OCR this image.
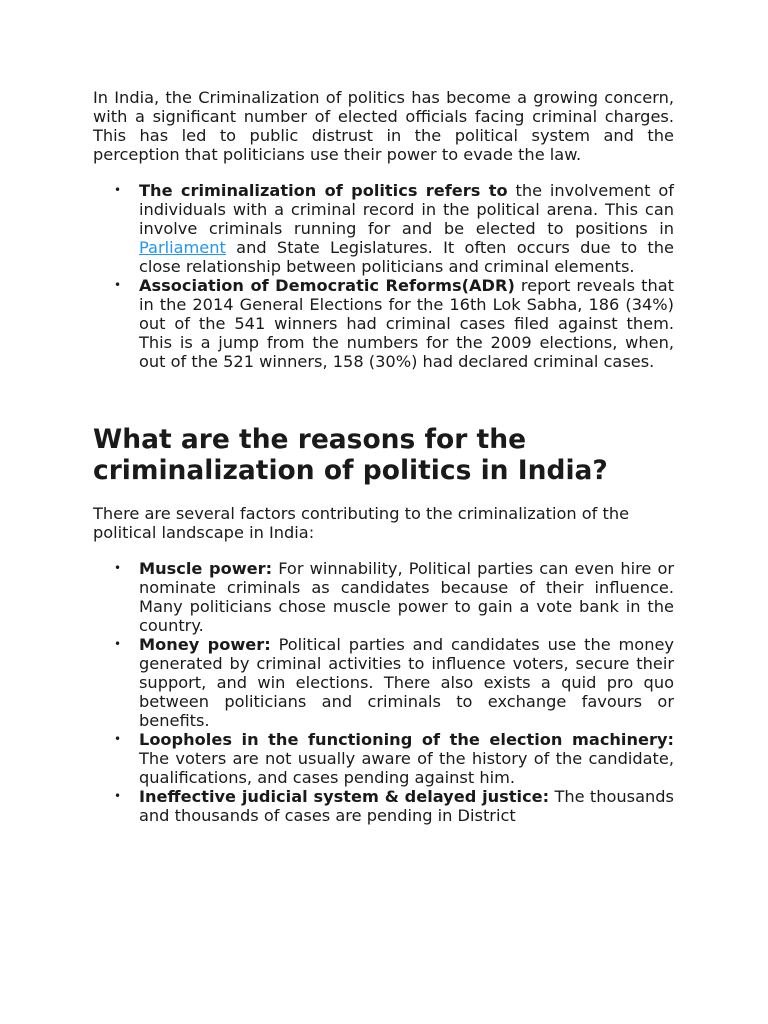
In India, the Criminalization of politics has become a growing concern, with a significant number of elected officials facing criminal charges. This has led to public distrust in the political system and the perception that politicians use their power to evade the law.

• The criminalization of politics refers to the involvement of individuals with a criminal record in the political arena. This can involve criminals running for and be elected to positions in Parliament and State Legislatures. It often occurs due to the close relationship between politicians and criminal elements.
• Association of Democratic Reforms(ADR) report reveals that in the 2014 General Elections for the 16th Lok Sabha, 186 (34%) out of the 541 winners had criminal cases filed against them. This is a jump from the numbers for the 2009 elections, when, out of the 521 winners, 158 (30%) had declared criminal cases.
What are the reasons for the criminalization of politics in India?

There are several factors contributing to the criminalization of the political landscape in India:

• Muscle power: For winnability, Political parties can even hire or nominate criminals as candidates because of their influence. Many politicians chose muscle power to gain a vote bank in the country.
• Money power: Political parties and candidates use the money generated by criminal activities to influence voters, secure their support, and win elections. There also exists a quid pro quo between politicians and criminals to exchange favours or benefits.
• Loopholes in the functioning of the election machinery: The voters are not usually aware of the history of the candidate, qualifications, and cases pending against him.
• Ineffective judicial system & delayed justice: The thousands and thousands of cases are pending in District
